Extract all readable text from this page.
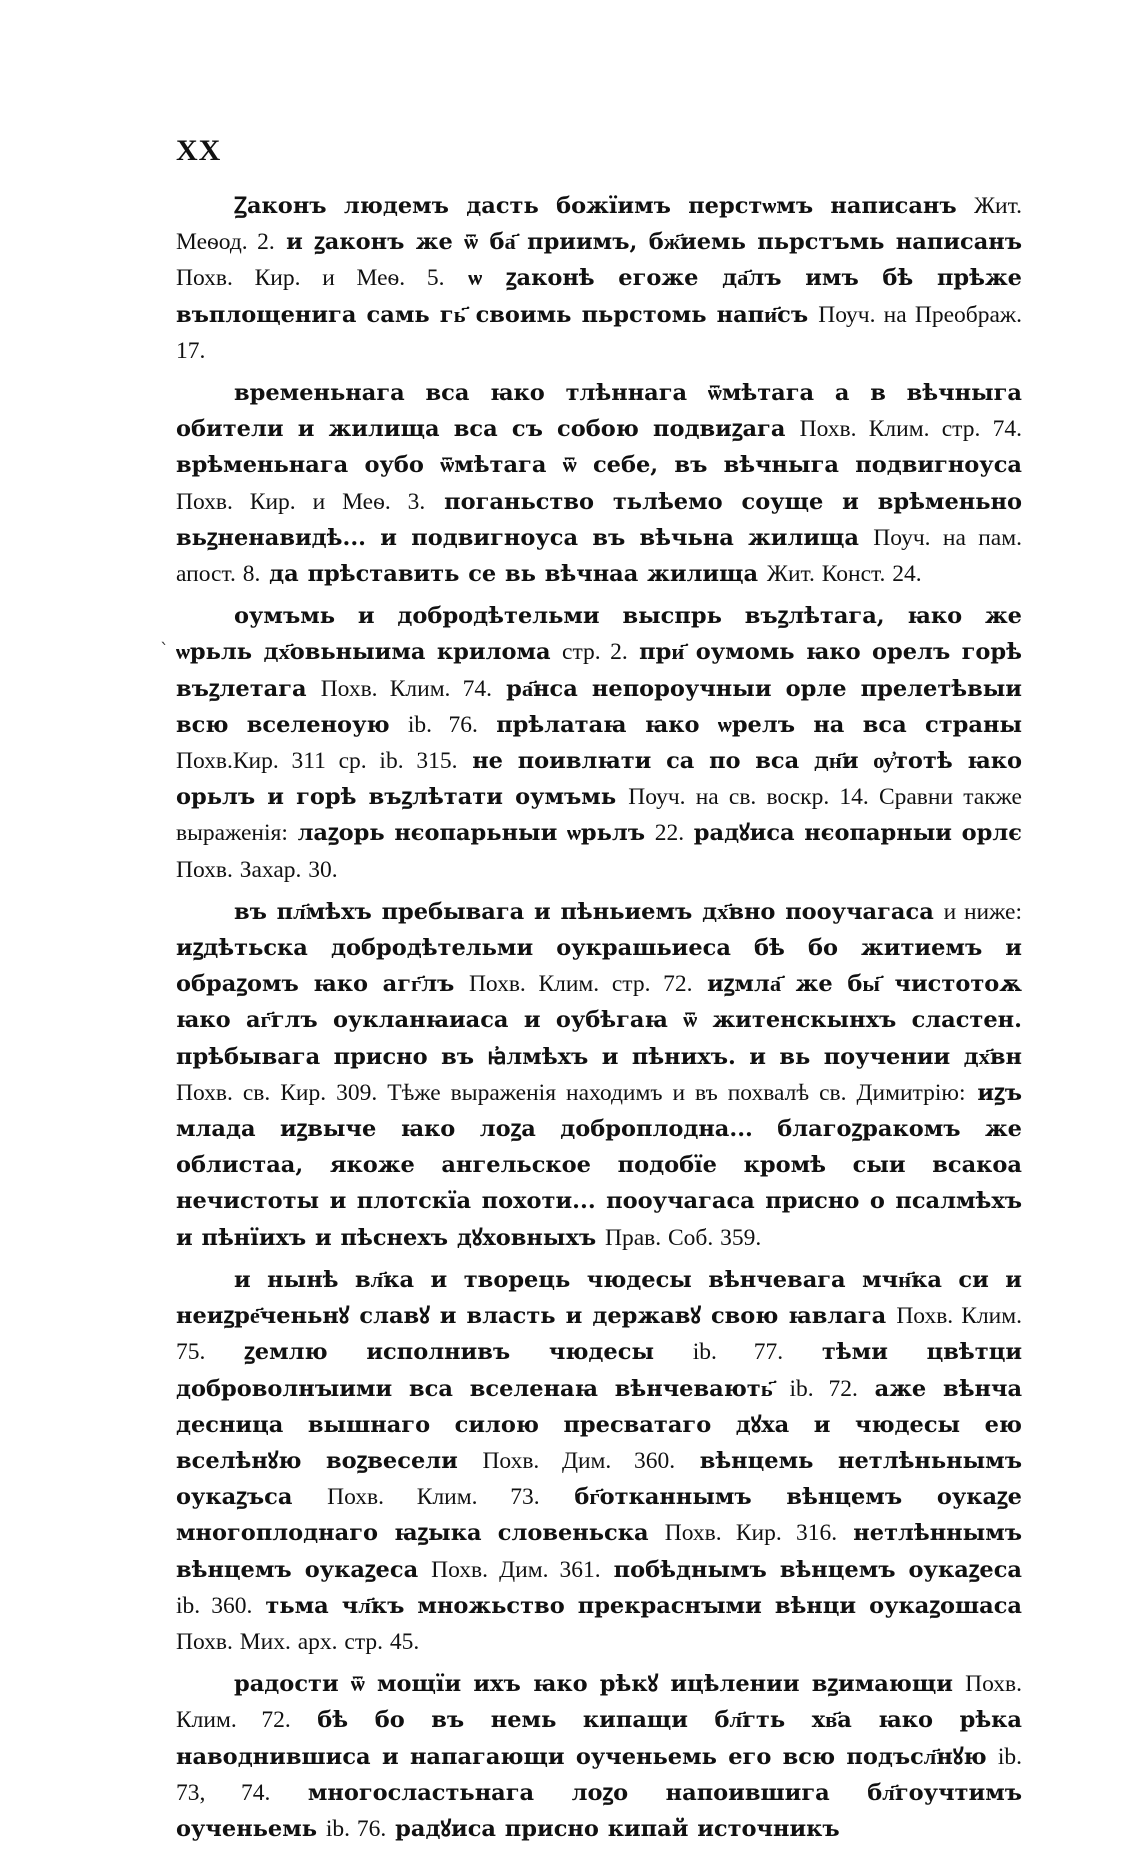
XX
ˋ

Ꙁаконъ людемъ дасть божїимъ перстѡмъ написанъ Жит. Меѳод. 2. и ꙁаконъ же ѿ ба҃ приимъ, бж҃иемь пьрстъмь написанъ Похв. Кир. и Меѳ. 5. ѡ ꙁаконѣ егоже да҃лъ имъ бѣ прѣже въплощенига самь гь҃ своимь пьрстомь напи҃съ Поуч. на Преображ. 17.

временьнага вса ꙗко тлѣннага ѿмѣтага а в вѣчныга обители и жилища вса съ собою подвиꙁага Похв. Клим. стр. 74. врѣменьнага оубо ѿмѣтага ѿ себе, въ вѣчныга подвигноуса Похв. Кир. и Меѳ. 3. поганьство тьлѣемо соуще и врѣменьно вьꙁненавидѣ... и подвигноуса въ вѣчьна жилища Поуч. на пам. апост. 8. да прѣставить се вь вѣчнаа жилища Жит. Конст. 24.

оумъмь и добродѣтельми выспрь въꙁлѣтага, ꙗко же ѡрьль дх҃овьныима криломa стр. 2. при҃ оумомь ꙗко орелъ горѣ въꙁлетага Похв. Клим. 74. ра҃нса непороучныи орле прелетѣвыи всю вселеноую ib. 76. прѣлатаꙗ ꙗко ѡрелъ на вса страны Похв.Кир. 311 ср. ib. 315. не поивлꙗти са по вса дн҃и ѹ҆тотѣ ꙗко орьлъ и горѣ въꙁлѣтати оумъмь Поуч. на св. воскр. 14. Сравни также выраженія: лаꙁорь нєопарьныи ѡрьлъ 22. радꙋиса нєопарныи орлє Похв. Захар. 30.

въ пл҃мѣхъ пребывага и пѣньиемъ дх҃вно пооучагаса и ниже: иꙁдѣтьска добродѣтельми оукрашьиеса бѣ бо житиемъ и обраꙁомъ ꙗко агг҃лъ Похв. Клим. стр. 72. иꙁмла҃ же бы҃ чистотоѫ ꙗко аг҃глъ оукланꙗиаса и оубѣгаꙗ ѿ житенскынхъ сластен. прѣбывага присно въ ꙗ҆лмѣхъ и пѣнихъ. и вь поучении дх҃вн Похв. св. Кир. 309. Тѣже выраженія находимъ и въ похвалѣ св. Димитрію: иꙁъ млада иꙁвыче ꙗко лоꙁа доброплодна... благоꙁракомъ же облистаа, якоже ангельское подобїе кромѣ сыи всакоа нечистоты и плотскїа похоти... пооучагаса присно о псалмѣхъ и пѣнїихъ и пѣснехъ дꙋховныхъ Прав. Соб. 359.

и нынѣ вл҃ка и творець чюдесы вѣнчевагa мчн҃ка си и неиꙁре҃ченьнꙋ славꙋ и власть и державꙋ свою ꙗвлага Похв. Клим. 75. ꙁемлю исполнивъ чюдесы ib. 77. тѣми цвѣтци доброволнꙑими вса вселенаꙗ вѣнчевають҃ ib. 72. аже вѣнча десница вышнаго силою пресватаго дꙋха и чюдесы ею вселѣнꙋю воꙁвесели Похв. Дим. 360. вѣнцемь нетлѣньнымъ оукаꙁъса Похв. Клим. 73. бг҃отканнымъ вѣнцемъ оукаꙁе многоплоднаго ꙗꙁыка словеньска Похв. Кир. 316. нетлѣннымъ вѣнцемъ оукаꙁеса Похв. Дим. 361. побѣднымъ вѣнцемъ оукаꙁеса ib. 360. тьма чл҃къ множьство прекраснꙑми вѣнци оукаꙁошаса Похв. Мих. арх. стр. 45.

радости ѿ мощїи ихъ ꙗко рѣкꙋ ицѣлении вꙁимающи Похв. Клим. 72. бѣ бо въ немь кипащи бл҃гть хв҃а ꙗко рѣка наводнившиса и напагающи оученьемь его всю подъсл҃нꙋю ib. 73, 74. многосластьнагa лоꙁо напоившига бл҃гоучтимъ оученьемь ib. 76. радꙋиса присно кипай источникъ
